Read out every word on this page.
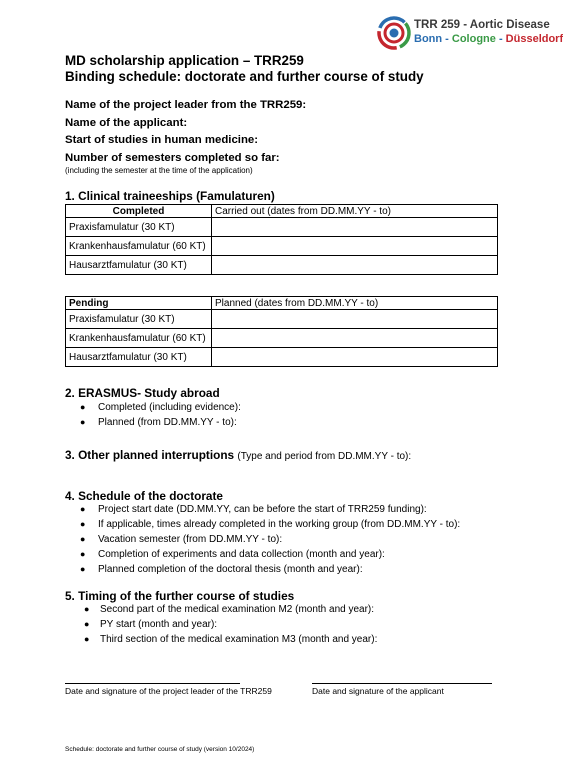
TRR 259 - Aortic Disease
Bonn - Cologne - Düsseldorf
MD scholarship application – TRR259
Binding schedule: doctorate and further course of study
Name of the project leader from the TRR259:
Name of the applicant:
Start of studies in human medicine:
Number of semesters completed so far:
(including the semester at the time of the application)
1. Clinical traineeships (Famulaturen)
Completed	Carried out (dates from DD.MM.YY - to)
Praxisfamulatur (30 KT)	
Krankenhausfamulatur (60 KT)	
Hausarztfamulatur (30 KT)	
Pending	Planned (dates from DD.MM.YY - to)
Praxisfamulatur (30 KT)	
Krankenhausfamulatur (60 KT)	
Hausarztfamulatur (30 KT)	
2. ERASMUS- Study abroad
● Completed (including evidence):
● Planned (from DD.MM.YY - to):
3. Other planned interruptions (Type and period from DD.MM.YY - to):
4. Schedule of the doctorate
● Project start date (DD.MM.YY, can be before the start of TRR259 funding):
● If applicable, times already completed in the working group (from DD.MM.YY - to):
● Vacation semester (from DD.MM.YY - to):
● Completion of experiments and data collection (month and year):
● Planned completion of the doctoral thesis (month and year):
5. Timing of the further course of studies
● Second part of the medical examination M2 (month and year):
● PY start (month and year):
● Third section of the medical examination M3 (month and year):
Date and signature of the project leader of the TRR259	Date and signature of the applicant
Schedule: doctorate and further course of study (version 10/2024)
